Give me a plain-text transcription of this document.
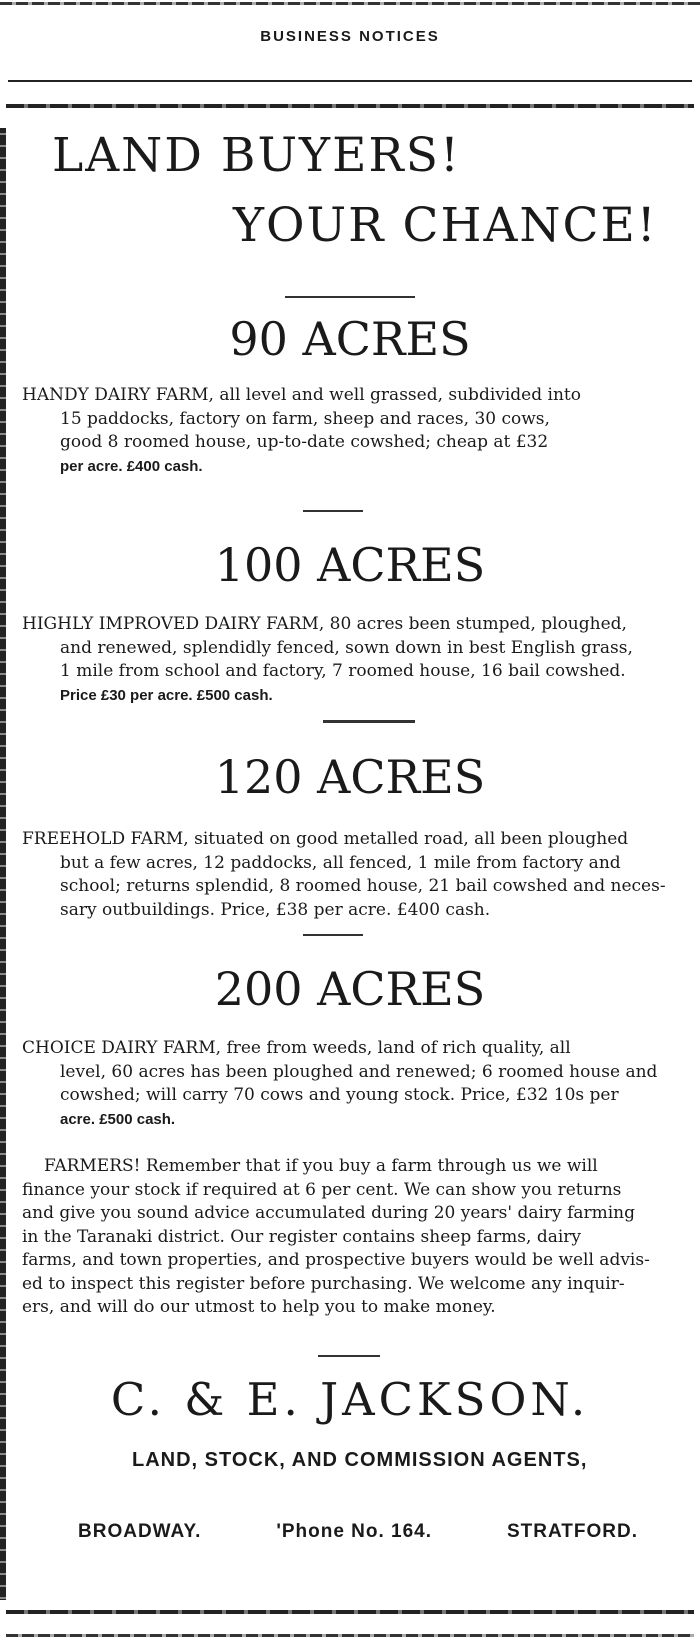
BUSINESS NOTICES
LAND BUYERS!
YOUR CHANCE!
90 ACRES
HANDY DAIRY FARM, all level and well grassed, subdivided into
15 paddocks, factory on farm, sheep and races, 30 cows,
good 8 roomed house, up-to-date cowshed; cheap at £32
per acre. £400 cash.
100 ACRES
HIGHLY IMPROVED DAIRY FARM, 80 acres been stumped, ploughed,
and renewed, splendidly fenced, sown down in best English grass,
1 mile from school and factory, 7 roomed house, 16 bail cowshed.
Price £30 per acre. £500 cash.
120 ACRES
FREEHOLD FARM, situated on good metalled road, all been ploughed
but a few acres, 12 paddocks, all fenced, 1 mile from factory and
school; returns splendid, 8 roomed house, 21 bail cowshed and neces-
sary outbuildings. Price, £38 per acre. £400 cash.
200 ACRES
CHOICE DAIRY FARM, free from weeds, land of rich quality, all
level, 60 acres has been ploughed and renewed; 6 roomed house and
cowshed; will carry 70 cows and young stock. Price, £32 10s per
acre. £500 cash.
FARMERS! Remember that if you buy a farm through us we will
finance your stock if required at 6 per cent. We can show you returns
and give you sound advice accumulated during 20 years' dairy farming
in the Taranaki district. Our register contains sheep farms, dairy
farms, and town properties, and prospective buyers would be well advis-
ed to inspect this register before purchasing. We welcome any inquir-
ers, and will do our utmost to help you to make money.
C. & E. JACKSON.
LAND, STOCK, AND COMMISSION AGENTS,
BROADWAY.	'Phone No. 164.	STRATFORD.
